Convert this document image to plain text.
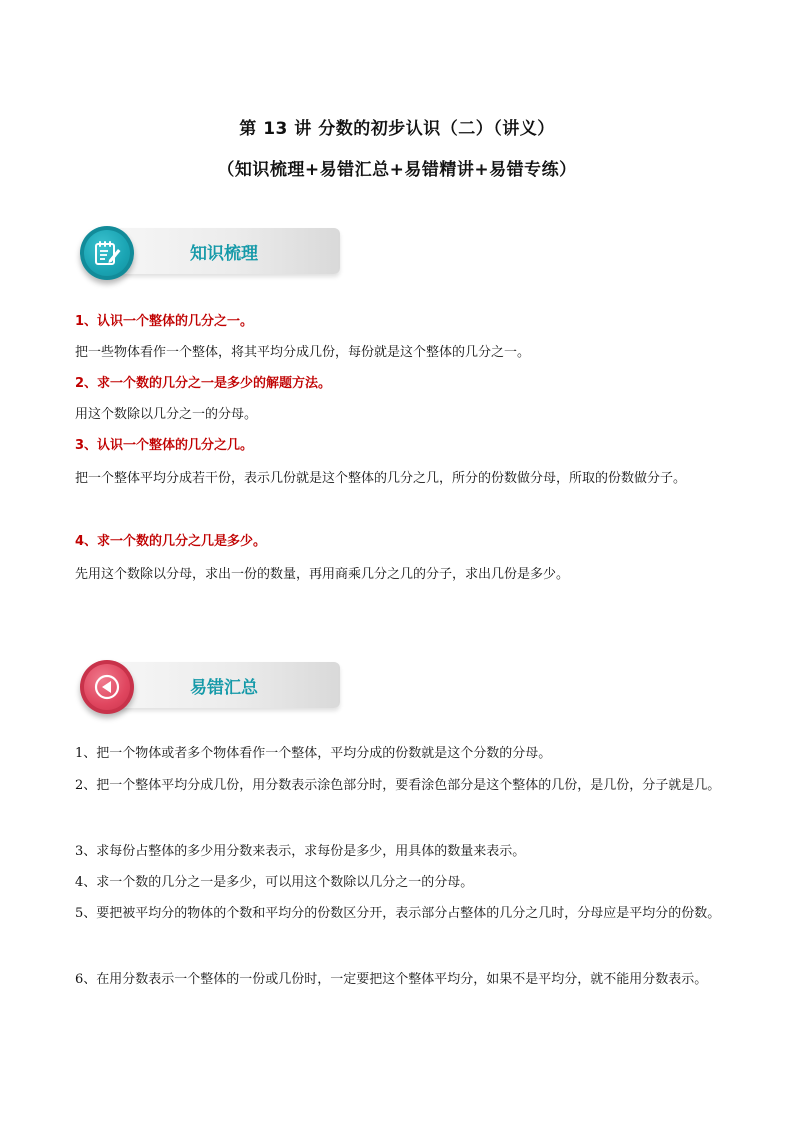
第 13 讲 分数的初步认识（二）（讲义）
（知识梳理+易错汇总+易错精讲+易错专练）
知识梳理

1、认识一个整体的几分之一。

把一些物体看作一个整体，将其平均分成几份，每份就是这个整体的几分之一。

2、求一个数的几分之一是多少的解题方法。

用这个数除以几分之一的分母。

3、认识一个整体的几分之几。

把一个整体平均分成若干份，表示几份就是这个整体的几分之几，所分的份数做分母，所取的份数做分子。

4、求一个数的几分之几是多少。

先用这个数除以分母，求出一份的数量，再用商乘几分之几的分子，求出几份是多少。

易错汇总

1、把一个物体或者多个物体看作一个整体，平均分成的份数就是这个分数的分母。

2、把一个整体平均分成几份，用分数表示涂色部分时，要看涂色部分是这个整体的几份，是几份，分子就是几。

3、求每份占整体的多少用分数来表示，求每份是多少，用具体的数量来表示。

4、求一个数的几分之一是多少，可以用这个数除以几分之一的分母。

5、要把被平均分的物体的个数和平均分的份数区分开，表示部分占整体的几分之几时，分母应是平均分的份数。

6、在用分数表示一个整体的一份或几份时，一定要把这个整体平均分，如果不是平均分，就不能用分数表示。
